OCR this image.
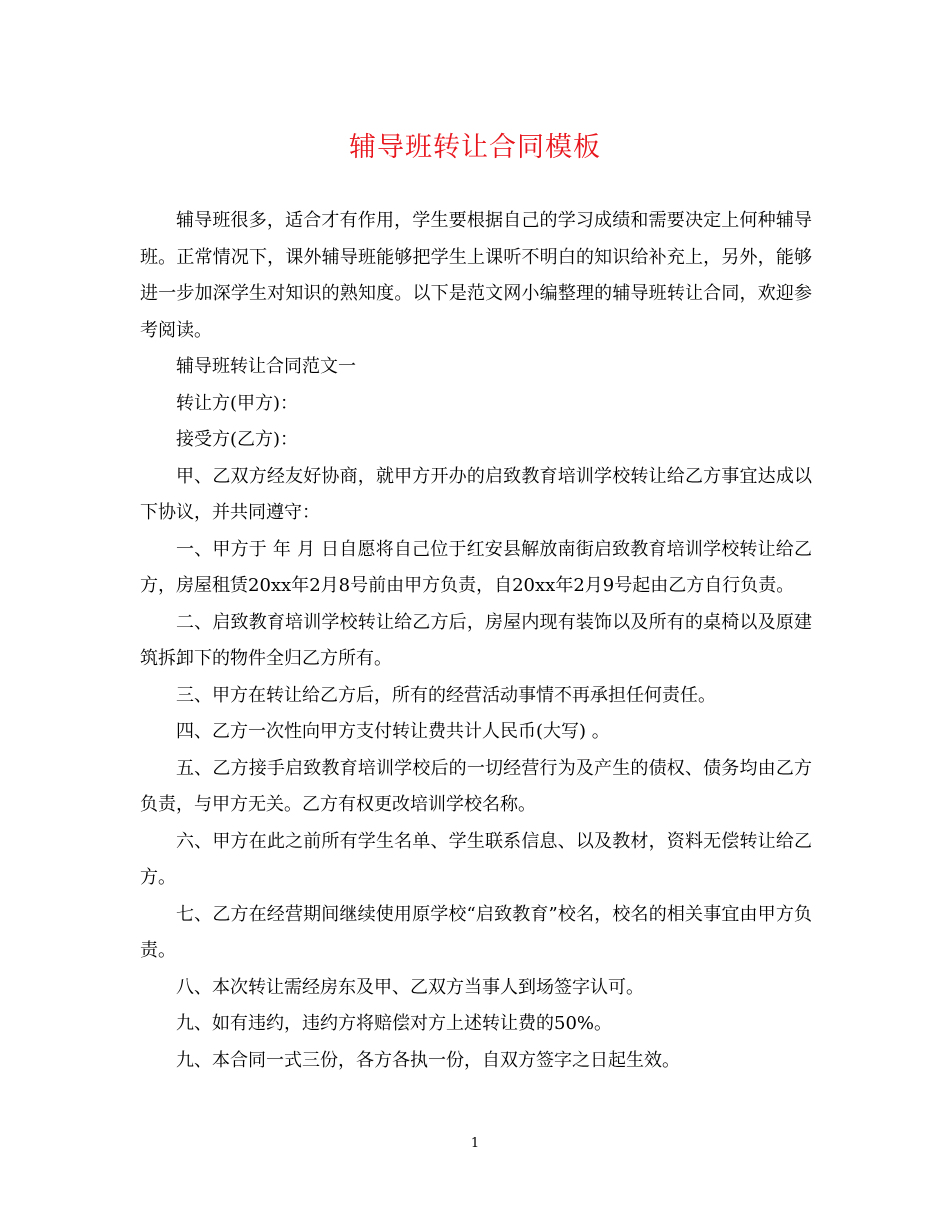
辅导班转让合同模板

辅导班很多，适合才有作用，学生要根据自己的学习成绩和需要决定上何种辅导班。正常情况下，课外辅导班能够把学生上课听不明白的知识给补充上，另外，能够进一步加深学生对知识的熟知度。以下是范文网小编整理的辅导班转让合同，欢迎参考阅读。

辅导班转让合同范文一

转让方(甲方)：

接受方(乙方)：

甲、乙双方经友好协商，就甲方开办的启致教育培训学校转让给乙方事宜达成以下协议，并共同遵守：

一、甲方于 年 月 日自愿将自己位于红安县解放南街启致教育培训学校转让给乙方，房屋租赁20xx年2月8号前由甲方负责，自20xx年2月9号起由乙方自行负责。

二、启致教育培训学校转让给乙方后，房屋内现有装饰以及所有的桌椅以及原建筑拆卸下的物件全归乙方所有。

三、甲方在转让给乙方后，所有的经营活动事情不再承担任何责任。

四、乙方一次性向甲方支付转让费共计人民币(大写) 。

五、乙方接手启致教育培训学校后的一切经营行为及产生的债权、债务均由乙方负责，与甲方无关。乙方有权更改培训学校名称。

六、甲方在此之前所有学生名单、学生联系信息、以及教材，资料无偿转让给乙方。

七、乙方在经营期间继续使用原学校“启致教育”校名，校名的相关事宜由甲方负责。

八、本次转让需经房东及甲、乙双方当事人到场签字认可。

九、如有违约，违约方将赔偿对方上述转让费的50%。

九、本合同一式三份，各方各执一份，自双方签字之日起生效。

1
